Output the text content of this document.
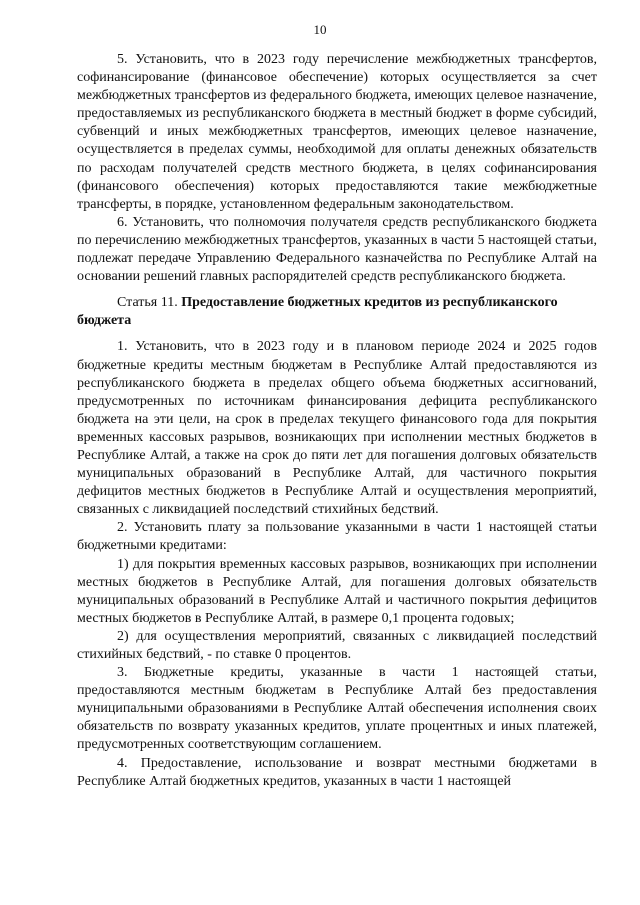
10

5. Установить, что в 2023 году перечисление межбюджетных трансфертов, софинансирование (финансовое обеспечение) которых осуществляется за счет межбюджетных трансфертов из федерального бюджета, имеющих целевое назначение, предоставляемых из республиканского бюджета в местный бюджет в форме субсидий, субвенций и иных межбюджетных трансфертов, имеющих целевое назначение, осуществляется в пределах суммы, необходимой для оплаты денежных обязательств по расходам получателей средств местного бюджета, в целях софинансирования (финансового обеспечения) которых предоставляются такие межбюджетные трансферты, в порядке, установленном федеральным законодательством.

6. Установить, что полномочия получателя средств республиканского бюджета по перечислению межбюджетных трансфертов, указанных в части 5 настоящей статьи, подлежат передаче Управлению Федерального казначейства по Республике Алтай на основании решений главных распорядителей средств республиканского бюджета.

Статья 11. Предоставление бюджетных кредитов из республиканского бюджета

1. Установить, что в 2023 году и в плановом периоде 2024 и 2025 годов бюджетные кредиты местным бюджетам в Республике Алтай предоставляются из республиканского бюджета в пределах общего объема бюджетных ассигнований, предусмотренных по источникам финансирования дефицита республиканского бюджета на эти цели, на срок в пределах текущего финансового года для покрытия временных кассовых разрывов, возникающих при исполнении местных бюджетов в Республике Алтай, а также на срок до пяти лет для погашения долговых обязательств муниципальных образований в Республике Алтай, для частичного покрытия дефицитов местных бюджетов в Республике Алтай и осуществления мероприятий, связанных с ликвидацией последствий стихийных бедствий.

2. Установить плату за пользование указанными в части 1 настоящей статьи бюджетными кредитами:

1) для покрытия временных кассовых разрывов, возникающих при исполнении местных бюджетов в Республике Алтай, для погашения долговых обязательств муниципальных образований в Республике Алтай и частичного покрытия дефицитов местных бюджетов в Республике Алтай, в размере 0,1 процента годовых;

2) для осуществления мероприятий, связанных с ликвидацией последствий стихийных бедствий, - по ставке 0 процентов.

3. Бюджетные кредиты, указанные в части 1 настоящей статьи, предоставляются местным бюджетам в Республике Алтай без предоставления муниципальными образованиями в Республике Алтай обеспечения исполнения своих обязательств по возврату указанных кредитов, уплате процентных и иных платежей, предусмотренных соответствующим соглашением.

4. Предоставление, использование и возврат местными бюджетами в Республике Алтай бюджетных кредитов, указанных в части 1 настоящей
